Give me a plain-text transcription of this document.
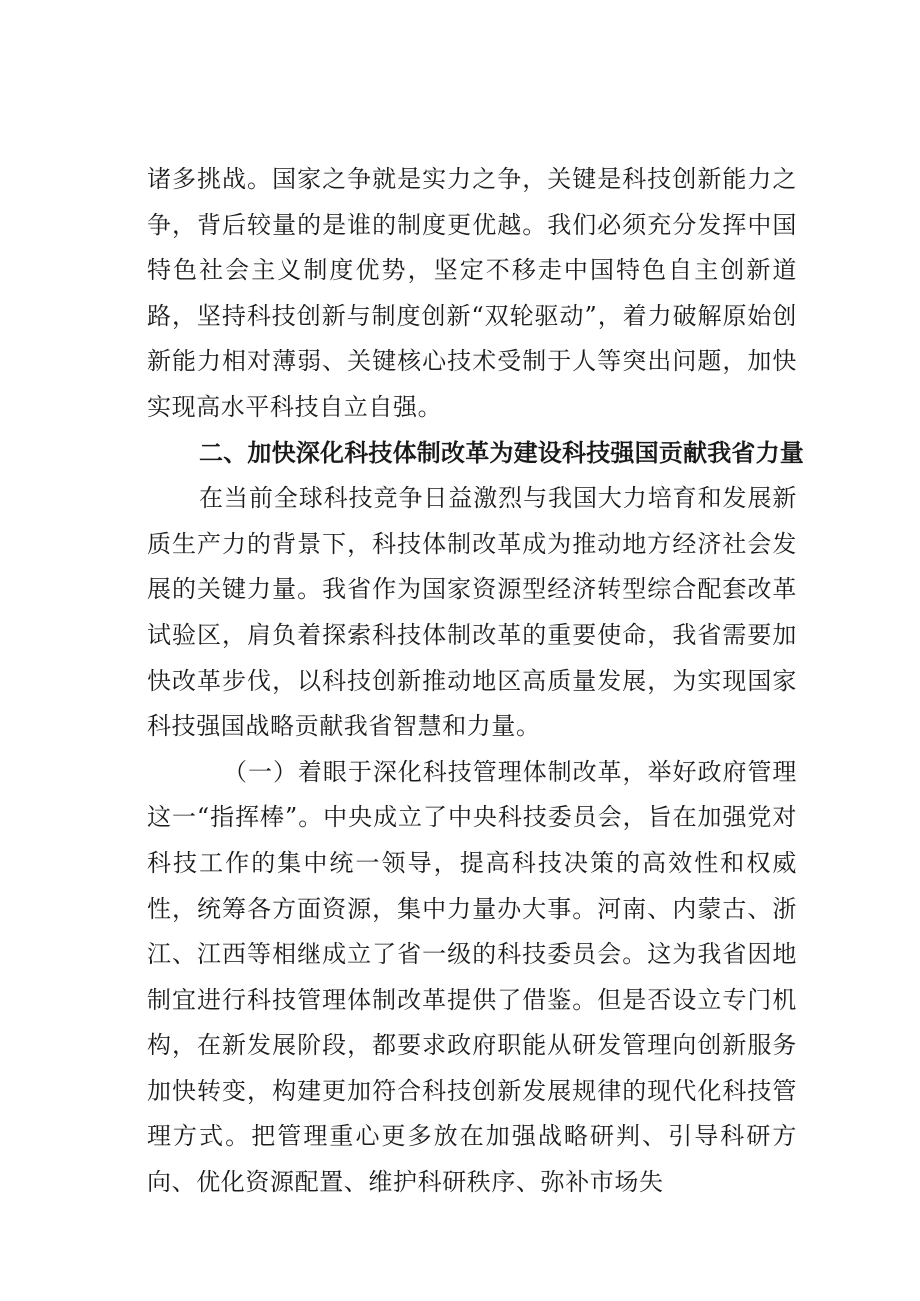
诸多挑战。国家之争就是实力之争，关键是科技创新能力之争，背后较量的是谁的制度更优越。我们必须充分发挥中国特色社会主义制度优势，坚定不移走中国特色自主创新道路，坚持科技创新与制度创新“双轮驱动”，着力破解原始创新能力相对薄弱、关键核心技术受制于人等突出问题，加快实现高水平科技自立自强。

二、加快深化科技体制改革为建设科技强国贡献我省力量

在当前全球科技竞争日益激烈与我国大力培育和发展新质生产力的背景下，科技体制改革成为推动地方经济社会发展的关键力量。我省作为国家资源型经济转型综合配套改革试验区，肩负着探索科技体制改革的重要使命，我省需要加快改革步伐，以科技创新推动地区高质量发展，为实现国家科技强国战略贡献我省智慧和力量。

（一）着眼于深化科技管理体制改革，举好政府管理这一“指挥棒”。中央成立了中央科技委员会，旨在加强党对科技工作的集中统一领导，提高科技决策的高效性和权威性，统筹各方面资源，集中力量办大事。河南、内蒙古、浙江、江西等相继成立了省一级的科技委员会。这为我省因地制宜进行科技管理体制改革提供了借鉴。但是否设立专门机构，在新发展阶段，都要求政府职能从研发管理向创新服务加快转变，构建更加符合科技创新发展规律的现代化科技管理方式。把管理重心更多放在加强战略研判、引导科研方向、优化资源配置、维护科研秩序、弥补市场失
